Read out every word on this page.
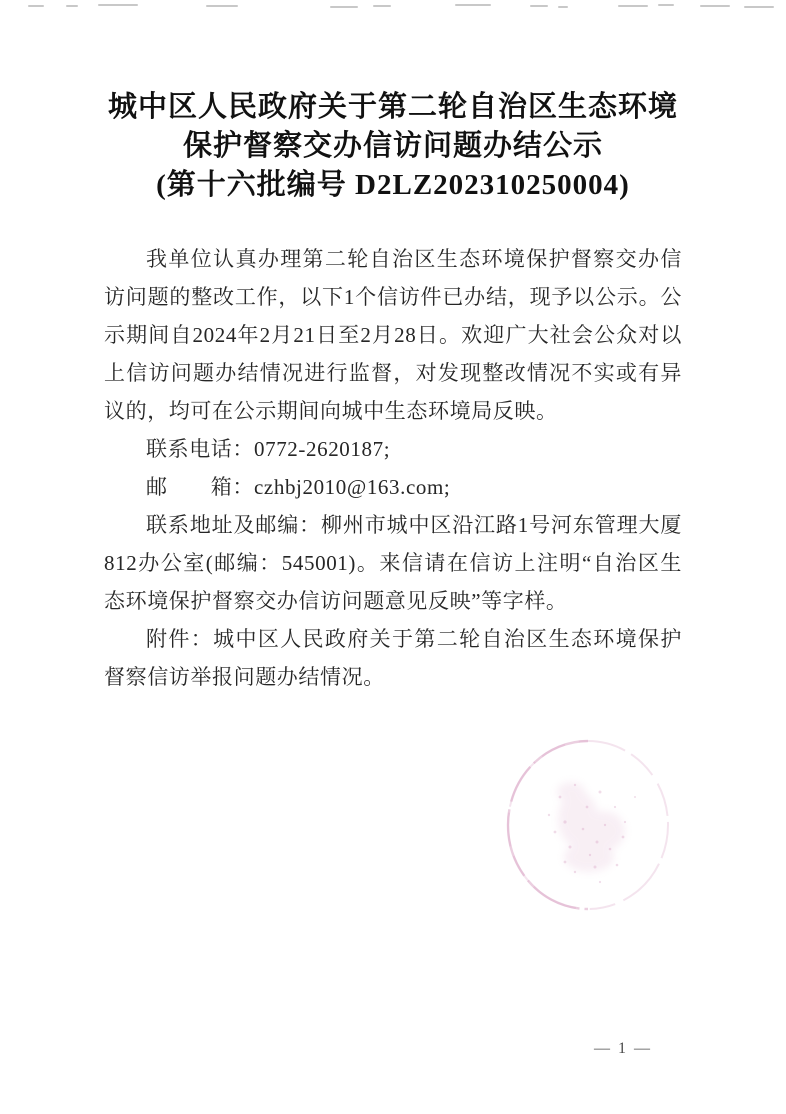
城中区人民政府关于第二轮自治区生态环境
保护督察交办信访问题办结公示
(第十六批编号 D2LZ202310250004)

我单位认真办理第二轮自治区生态环境保护督察交办信访问题的整改工作，以下1个信访件已办结，现予以公示。公示期间自2024年2月21日至2月28日。欢迎广大社会公众对以上信访问题办结情况进行监督，对发现整改情况不实或有异议的，均可在公示期间向城中生态环境局反映。

联系电话：0772-2620187;

邮　　箱：czhbj2010@163.com;

联系地址及邮编：柳州市城中区沿江路1号河东管理大厦812办公室(邮编：545001)。来信请在信访上注明“自治区生态环境保护督察交办信访问题意见反映”等字样。

附件：城中区人民政府关于第二轮自治区生态环境保护督察信访举报问题办结情况。

— 1 —
